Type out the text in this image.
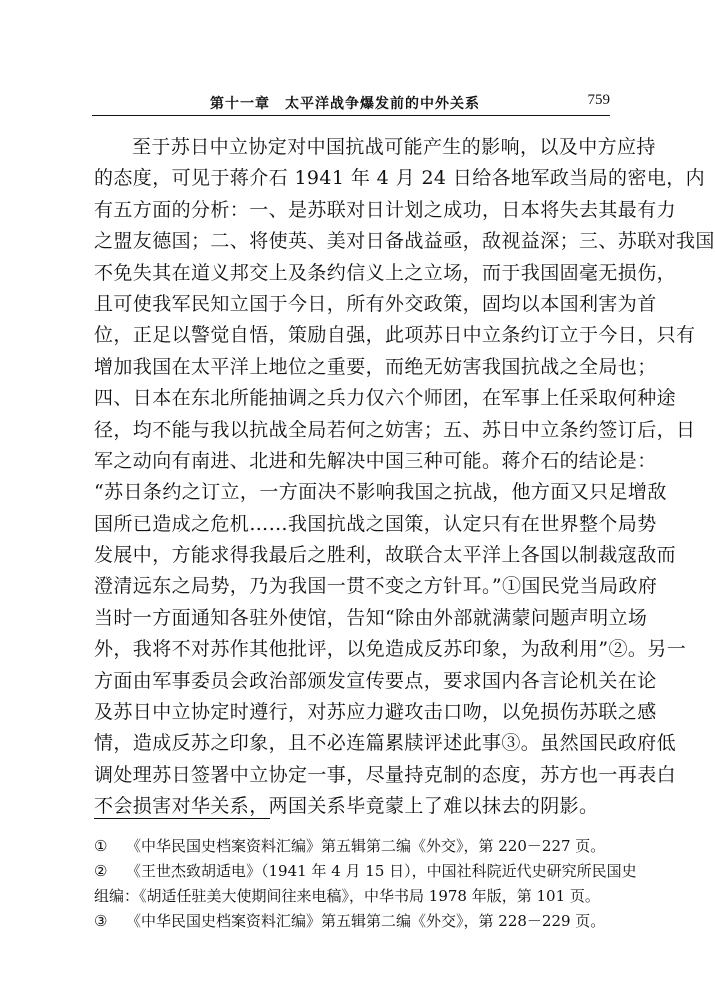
第十一章　太平洋战争爆发前的中外关系	759
至于苏日中立协定对中国抗战可能产生的影响，以及中方应持
的态度，可见于蒋介石 1941 年 4 月 24 日给各地军政当局的密电，内
有五方面的分析：一、是苏联对日计划之成功，日本将失去其最有力
之盟友德国；二、将使英、美对日备战益亟，敌视益深；三、苏联对我国
不免失其在道义邦交上及条约信义上之立场，而于我国固毫无损伤，
且可使我军民知立国于今日，所有外交政策，固均以本国利害为首
位，正足以警觉自悟，策励自强，此项苏日中立条约订立于今日，只有
增加我国在太平洋上地位之重要，而绝无妨害我国抗战之全局也；
四、日本在东北所能抽调之兵力仅六个师团，在军事上任采取何种途
径，均不能与我以抗战全局若何之妨害；五、苏日中立条约签订后，日
军之动向有南进、北进和先解决中国三种可能。蒋介石的结论是：
“苏日条约之订立，一方面决不影响我国之抗战，他方面又只足增敌
国所已造成之危机……我国抗战之国策，认定只有在世界整个局势
发展中，方能求得我最后之胜利，故联合太平洋上各国以制裁寇敌而
澄清远东之局势，乃为我国一贯不变之方针耳。”①国民党当局政府
当时一方面通知各驻外使馆，告知“除由外部就满蒙问题声明立场
外，我将不对苏作其他批评，以免造成反苏印象，为敌利用”②。另一
方面由军事委员会政治部颁发宣传要点，要求国内各言论机关在论
及苏日中立协定时遵行，对苏应力避攻击口吻，以免损伤苏联之感
情，造成反苏之印象，且不必连篇累牍评述此事③。虽然国民政府低
调处理苏日签署中立协定一事，尽量持克制的态度，苏方也一再表白
不会损害对华关系，两国关系毕竟蒙上了难以抹去的阴影。
① 《中华民国史档案资料汇编》第五辑第二编《外交》，第 220－227 页。
② 《王世杰致胡适电》（1941 年 4 月 15 日），中国社科院近代史研究所民国史
组编：《胡适任驻美大使期间往来电稿》，中华书局 1978 年版，第 101 页。
③ 《中华民国史档案资料汇编》第五辑第二编《外交》，第 228－229 页。
